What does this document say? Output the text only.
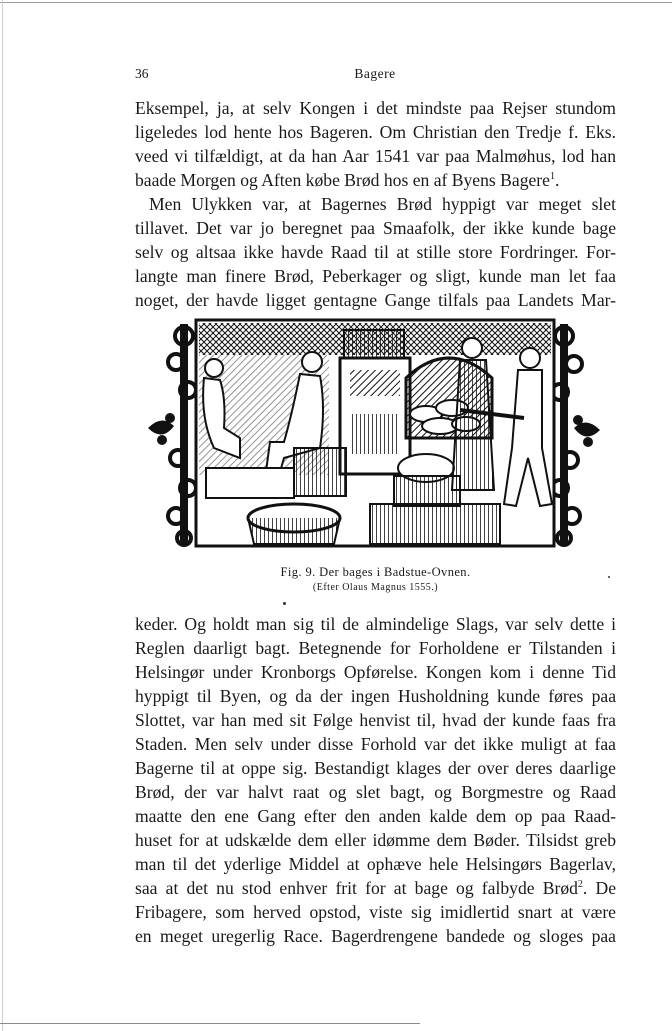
36	Bagere
Eksempel, ja, at selv Kongen i det mindste paa Rejser stundom
ligeledes lod hente hos Bageren. Om Christian den Tredje f. Eks.
veed vi tilfældigt, at da han Aar 1541 var paa Malmøhus, lod han
baade Morgen og Aften købe Brød hos en af Byens Bagere$^1$.
Men Ulykken var, at Bagernes Brød hyppigt var meget slet
tillavet. Det var jo beregnet paa Smaafolk, der ikke kunde bage
selv og altsaa ikke havde Raad til at stille store Fordringer. For-
langte man finere Brød, Peberkager og sligt, kunde man let faa
noget, der havde ligget gentagne Gange tilfals paa Landets Mar-
Fig. 9. Der bages i Badstue-Ovnen.
(Efter Olaus Magnus 1555.)
keder. Og holdt man sig til de almindelige Slags, var selv dette i
Reglen daarligt bagt. Betegnende for Forholdene er Tilstanden i
Helsingør under Kronborgs Opførelse. Kongen kom i denne Tid
hyppigt til Byen, og da der ingen Husholdning kunde føres paa
Slottet, var han med sit Følge henvist til, hvad der kunde faas fra
Staden. Men selv under disse Forhold var det ikke muligt at faa
Bagerne til at oppe sig. Bestandigt klages der over deres daarlige
Brød, der var halvt raat og slet bagt, og Borgmestre og Raad
maatte den ene Gang efter den anden kalde dem op paa Raad-
huset for at udskælde dem eller idømme dem Bøder. Tilsidst greb
man til det yderlige Middel at ophæve hele Helsingørs Bagerlav,
saa at det nu stod enhver frit for at bage og falbyde Brød$^2$. De
Fribagere, som herved opstod, viste sig imidlertid snart at være
en meget uregerlig Race. Bagerdrengene bandede og sloges paa
